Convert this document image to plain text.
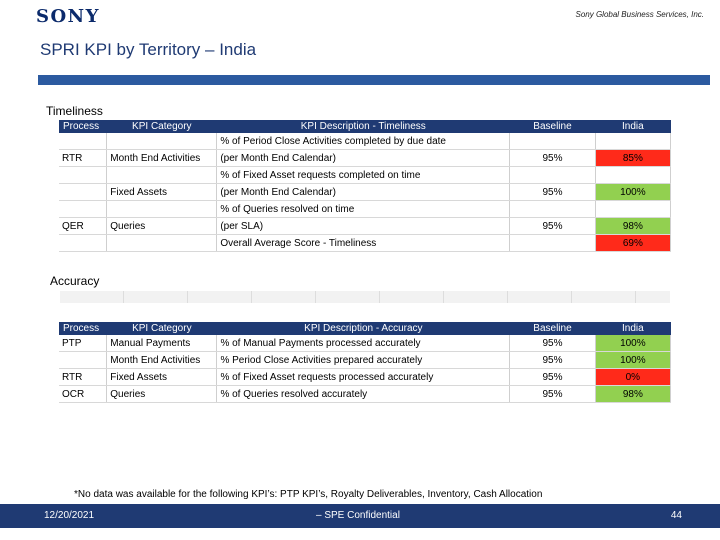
SONY	Sony Global Business Services, Inc.
SPRI KPI by Territory – India
Timeliness
Process	KPI Category	KPI Description - Timeliness	Baseline	India
		% of Period Close Activities completed by due date		
RTR	Month End Activities	(per Month End Calendar)	95%	85%
		% of Fixed Asset requests completed on time		
	Fixed Assets	(per Month End Calendar)	95%	100%
		% of Queries resolved on time		
QER	Queries	(per SLA)	95%	98%
		Overall Average Score - Timeliness		69%
Accuracy
Process	KPI Category	KPI Description - Accuracy	Baseline	India
PTP	Manual Payments	% of Manual Payments processed accurately	95%	100%
	Month End Activities	% Period Close Activities prepared accurately	95%	100%
RTR	Fixed Assets	% of Fixed Asset requests processed accurately	95%	0%
OCR	Queries	% of Queries resolved accurately	95%	98%
*No data was available for the following KPI’s: PTP KPI’s, Royalty Deliverables, Inventory, Cash Allocation
12/20/2021	– SPE Confidential	44
